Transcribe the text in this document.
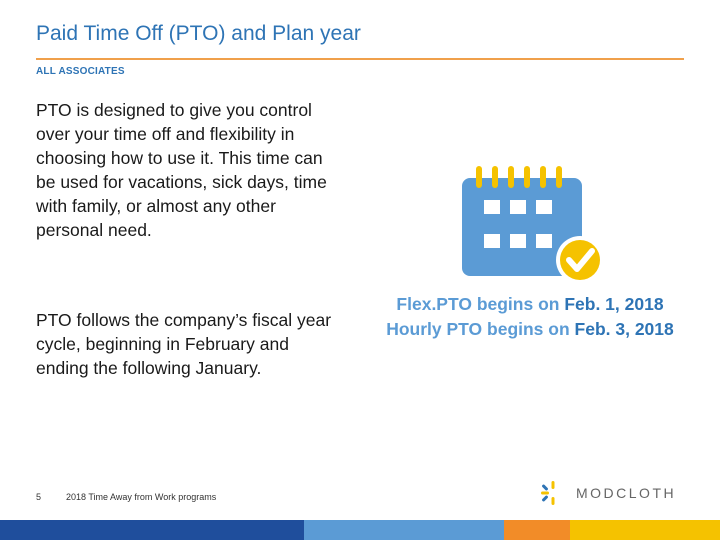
Paid Time Off (PTO) and Plan year
ALL ASSOCIATES

PTO is designed to give you control over your time off and flexibility in choosing how to use it. This time can be used for vacations, sick days, time with family, or almost any other personal need.

PTO follows the company’s fiscal year cycle, beginning in February and ending the following January.

Flex.PTO begins on Feb. 1, 2018
Hourly PTO begins on Feb. 3, 2018
5	2018 Time Away from Work programs	MODCLOTH
